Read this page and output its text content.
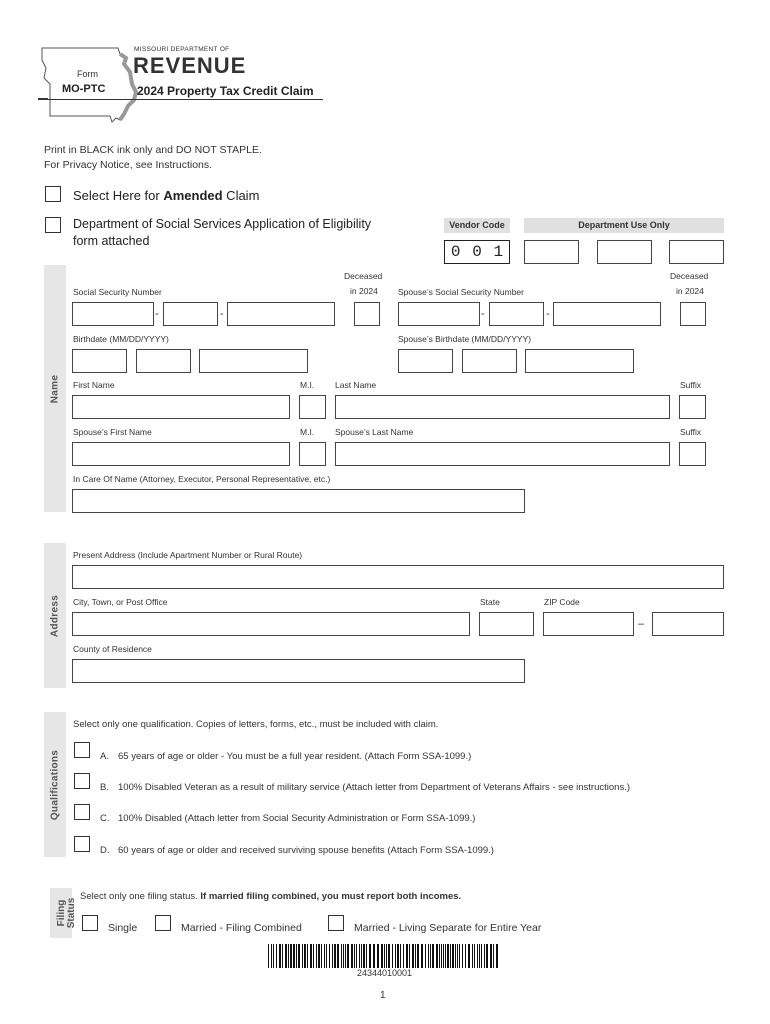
MISSOURI DEPARTMENT OF
REVENUE
Form
MO-PTC	2024 Property Tax Credit Claim
Print in BLACK ink only and DO NOT STAPLE.
For Privacy Notice, see Instructions.
Select Here for Amended Claim
Department of Social Services Application of Eligibility
form attached
Vendor Code
0 0 1
Department Use Only
Name
Deceased
in 2024
Deceased
in 2024
Social Security Number	Spouse’s Social Security Number
-	-	-	-
Birthdate (MM/DD/YYYY)	Spouse’s Birthdate (MM/DD/YYYY)
First Name	M.I. Last Name	Suffix
Spouse’s First Name	M.I. Spouse’s Last Name	Suffix
In Care Of Name (Attorney, Executor, Personal Representative, etc.)
Address
Present Address (Include Apartment Number or Rural Route)
City, Town, or Post Office	State	ZIP Code
–
County of Residence
Qualifications
Select only one qualification. Copies of letters, forms, etc., must be included with claim.
A. 65 years of age or older - You must be a full year resident. (Attach Form SSA-1099.)
B. 100% Disabled Veteran as a result of military service (Attach letter from Department of Veterans Affairs - see instructions.)
C. 100% Disabled (Attach letter from Social Security Administration or Form SSA-1099.)
D. 60 years of age or older and received surviving spouse benefits (Attach Form SSA-1099.)
Filing
Status
Select only one filing status. If married filing combined, you must report both incomes.
Single	Married - Filing Combined	Married - Living Separate for Entire Year
24344010001
1
